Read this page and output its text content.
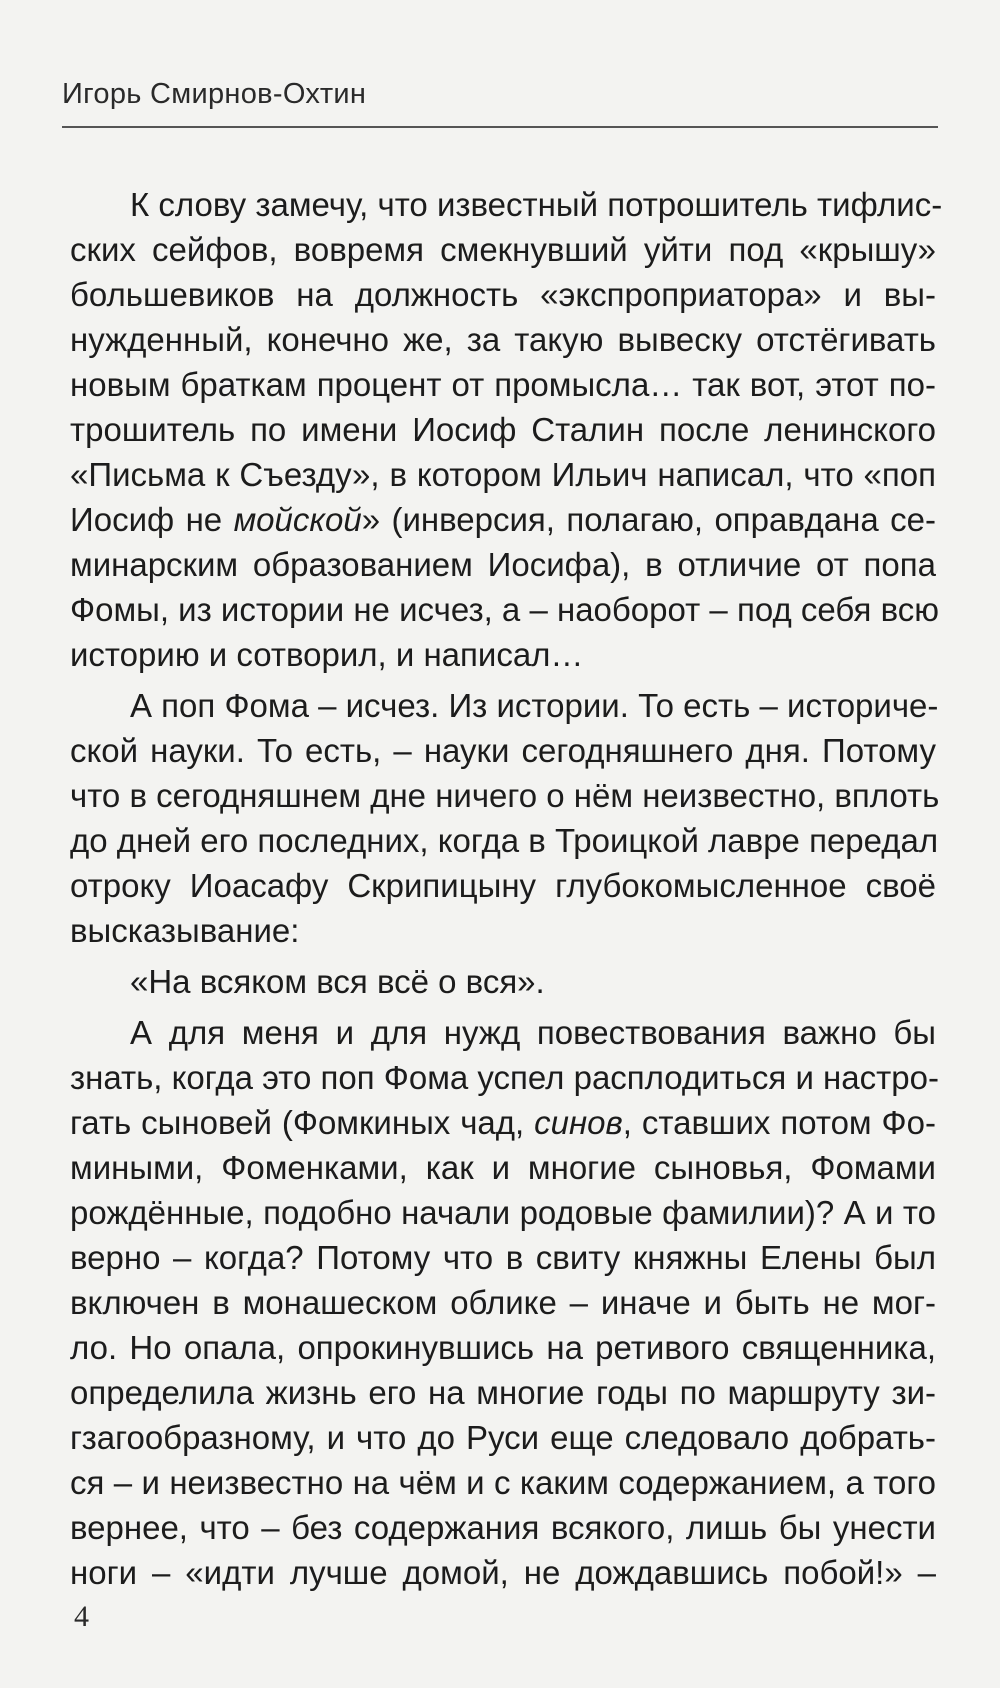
Игорь Смирнов-Охтин
К слову замечу, что известный потрошитель тифлис-
ских сейфов, вовремя смекнувший уйти под «крышу»
большевиков на должность «экспроприатора» и вы-
нужденный, конечно же, за такую вывеску отстёгивать
новым браткам процент от промысла… так вот, этот по-
трошитель по имени Иосиф Сталин после ленинского
«Письма к Съезду», в котором Ильич написал, что «поп
Иосиф не мойской» (инверсия, полагаю, оправдана се-
минарским образованием Иосифа), в отличие от попа
Фомы, из истории не исчез, а – наоборот – под себя всю
историю и сотворил, и написал…
А поп Фома – исчез. Из истории. То есть – историче-
ской науки. То есть, – науки сегодняшнего дня. Потому
что в сегодняшнем дне ничего о нём неизвестно, вплоть
до дней его последних, когда в Троицкой лавре передал
отроку Иоасафу Скрипицыну глубокомысленное своё
высказывание:
«На всяком вся всё о вся».
А для меня и для нужд повествования важно бы
знать, когда это поп Фома успел расплодиться и настро-
гать сыновей (Фомкиных чад, синов, ставших потом Фо-
миными, Фоменками, как и многие сыновья, Фомами
рождённые, подобно начали родовые фамилии)? А и то
верно – когда? Потому что в свиту княжны Елены был
включен в монашеском облике – иначе и быть не мог-
ло. Но опала, опрокинувшись на ретивого священника,
определила жизнь его на многие годы по маршруту зи-
гзагообразному, и что до Руси еще следовало добрать-
ся – и неизвестно на чём и с каким содержанием, а того
вернее, что – без содержания всякого, лишь бы унести
ноги – «идти лучше домой, не дождавшись побой!» –
4
